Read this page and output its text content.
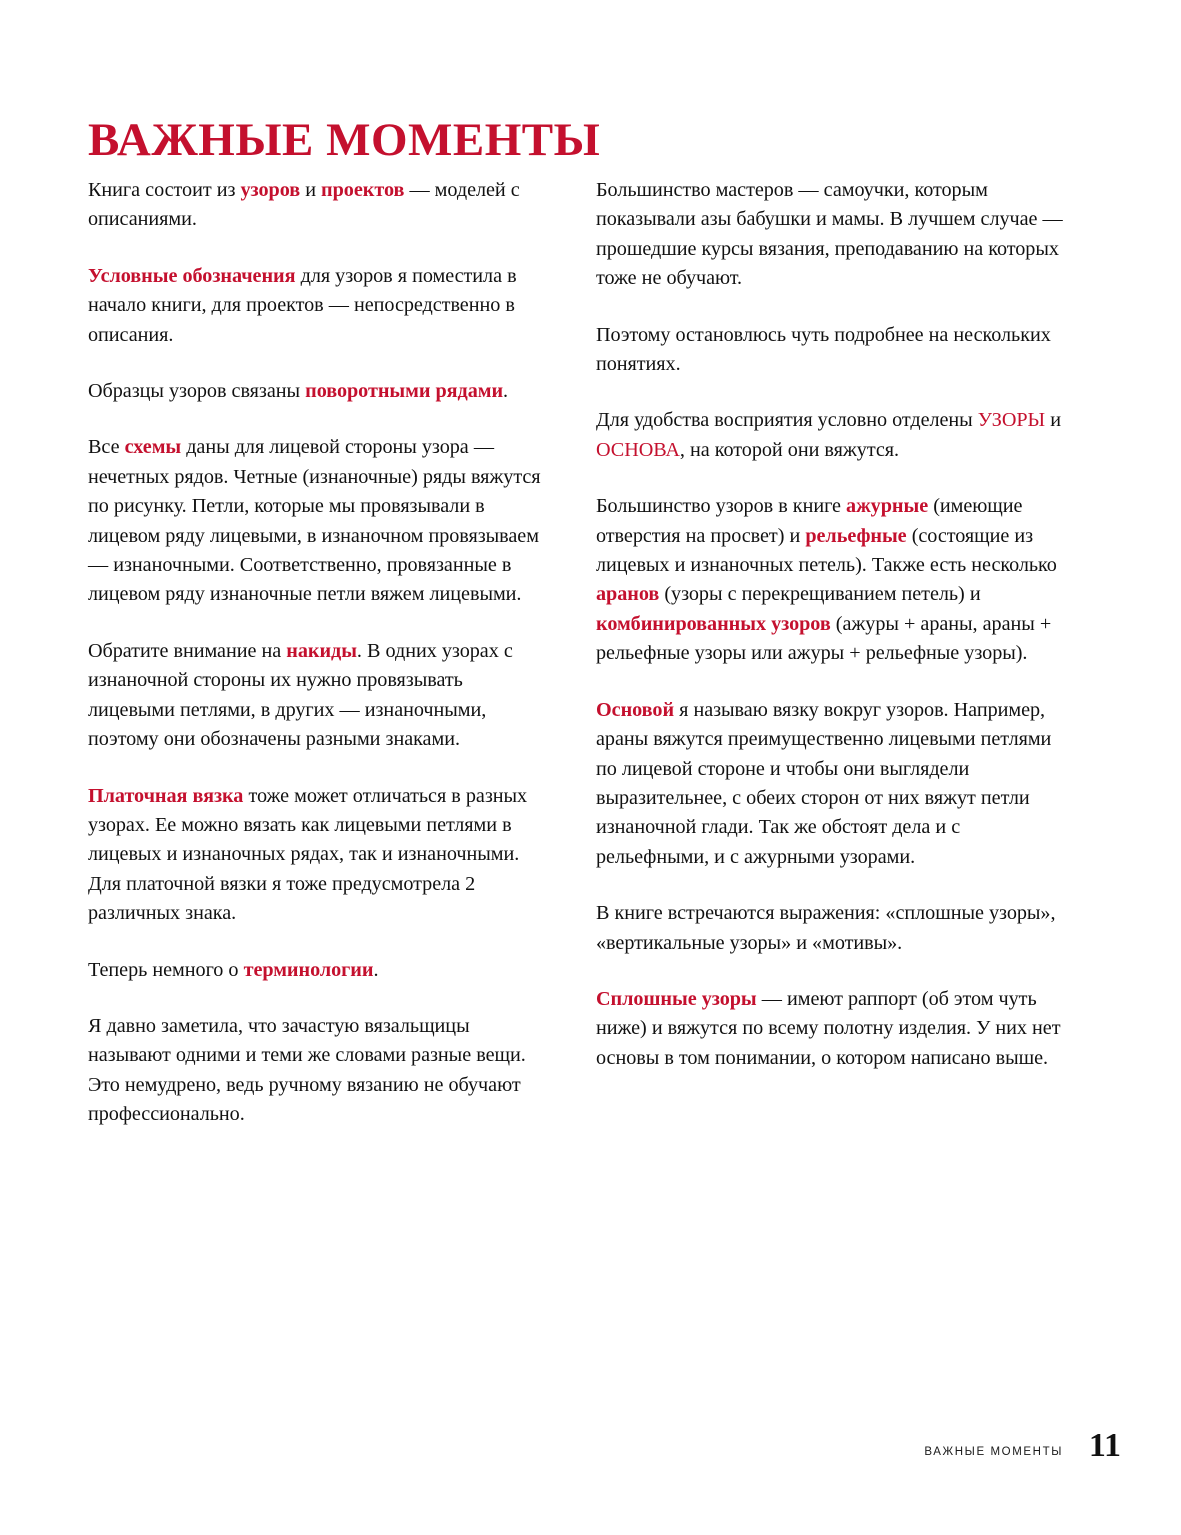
ВАЖНЫЕ МОМЕНТЫ

Книга состоит из узоров и проектов — моделей с описаниями.

Условные обозначения для узоров я поместила в начало книги, для проектов — непосредственно в описания.

Образцы узоров связаны поворотными рядами.

Все схемы даны для лицевой стороны узора — нечетных рядов. Четные (изнаночные) ряды вяжутся по рисунку. Петли, которые мы провязывали в лицевом ряду лицевыми, в изнаночном провязываем — изнаночными. Соответственно, провязанные в лицевом ряду изнаночные петли вяжем лицевыми.

Обратите внимание на накиды. В одних узорах с изнаночной стороны их нужно провязывать лицевыми петлями, в других — изнаночными, поэтому они обозначены разными знаками.

Платочная вязка тоже может отличаться в разных узорах. Ее можно вязать как лицевыми петлями в лицевых и изнаночных рядах, так и изнаночными. Для платочной вязки я тоже предусмотрела 2 различных знака.

Теперь немного о терминологии.

Я давно заметила, что зачастую вязальщицы называют одними и теми же словами разные вещи. Это немудрено, ведь ручному вязанию не обучают профессионально.

Большинство мастеров — самоучки, которым показывали азы бабушки и мамы. В лучшем случае — прошедшие курсы вязания, преподаванию на которых тоже не обучают.

Поэтому остановлюсь чуть подробнее на нескольких понятиях.

Для удобства восприятия условно отделены УЗОРЫ и ОСНОВА, на которой они вяжутся.

Большинство узоров в книге ажурные (имеющие отверстия на просвет) и рельефные (состоящие из лицевых и изнаночных петель). Также есть несколько аранов (узоры с перекрещиванием петель) и комбинированных узоров (ажуры + араны, араны + рельефные узоры или ажуры + рельефные узоры).

Основой я называю вязку вокруг узоров. Например, араны вяжутся преимущественно лицевыми петлями по лицевой стороне и чтобы они выглядели выразительнее, с обеих сторон от них вяжут петли изнаночной глади. Так же обстоят дела и с рельефными, и с ажурными узорами.

В книге встречаются выражения: «сплошные узоры», «вертикальные узоры» и «мотивы».

Сплошные узоры — имеют раппорт (об этом чуть ниже) и вяжутся по всему полотну изделия. У них нет основы в том понимании, о котором написано выше.

ВАЖНЫЕ МОМЕНТЫ 11
